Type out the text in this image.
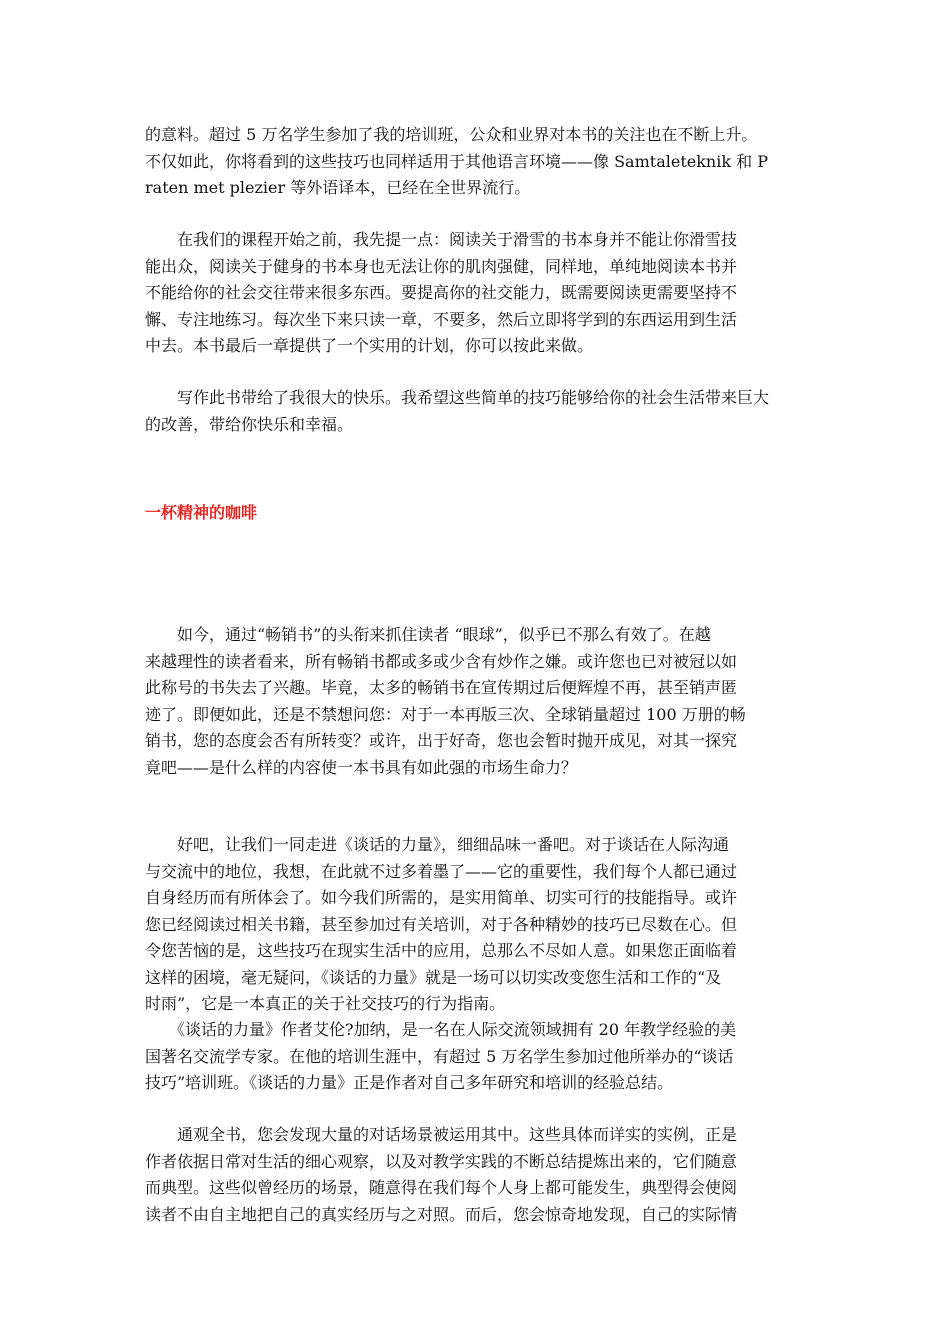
的意料。超过 5 万名学生参加了我的培训班，公众和业界对本书的关注也在不断上升。
不仅如此，你将看到的这些技巧也同样适用于其他语言环境——像 Samtaleteknik 和 P
raten met plezier 等外语译本，已经在全世界流行。
　　在我们的课程开始之前，我先提一点：阅读关于滑雪的书本身并不能让你滑雪技
能出众，阅读关于健身的书本身也无法让你的肌肉强健，同样地，单纯地阅读本书并
不能给你的社会交往带来很多东西。要提高你的社交能力，既需要阅读更需要坚持不
懈、专注地练习。每次坐下来只读一章，不要多，然后立即将学到的东西运用到生活
中去。本书最后一章提供了一个实用的计划，你可以按此来做。
　　写作此书带给了我很大的快乐。我希望这些简单的技巧能够给你的社会生活带来巨大
的改善，带给你快乐和幸福。
一杯精神的咖啡
　　如今，通过“畅销书”的头衔来抓住读者 “眼球”，似乎已不那么有效了。在越
来越理性的读者看来，所有畅销书都或多或少含有炒作之嫌。或许您也已对被冠以如
此称号的书失去了兴趣。毕竟，太多的畅销书在宣传期过后便辉煌不再，甚至销声匿
迹了。即便如此，还是不禁想问您：对于一本再版三次、全球销量超过 100 万册的畅
销书，您的态度会否有所转变？或许，出于好奇，您也会暂时抛开成见，对其一探究
竟吧——是什么样的内容使一本书具有如此强的市场生命力？
　　好吧，让我们一同走进《谈话的力量》，细细品味一番吧。对于谈话在人际沟通
与交流中的地位，我想，在此就不过多着墨了——它的重要性，我们每个人都已通过
自身经历而有所体会了。如今我们所需的，是实用简单、切实可行的技能指导。或许
您已经阅读过相关书籍，甚至参加过有关培训，对于各种精妙的技巧已尽数在心。但
令您苦恼的是，这些技巧在现实生活中的应用，总那么不尽如人意。如果您正面临着
这样的困境，毫无疑问，《谈话的力量》就是一场可以切实改变您生活和工作的“及
时雨”，它是一本真正的关于社交技巧的行为指南。
　　《谈话的力量》作者艾伦?加纳，是一名在人际交流领域拥有 20 年教学经验的美
国著名交流学专家。在他的培训生涯中，有超过 5 万名学生参加过他所举办的“谈话
技巧”培训班。《谈话的力量》正是作者对自己多年研究和培训的经验总结。
　　通观全书，您会发现大量的对话场景被运用其中。这些具体而详实的实例，正是
作者依据日常对生活的细心观察，以及对教学实践的不断总结提炼出来的，它们随意
而典型。这些似曾经历的场景，随意得在我们每个人身上都可能发生，典型得会使阅
读者不由自主地把自己的真实经历与之对照。而后，您会惊奇地发现，自己的实际情
